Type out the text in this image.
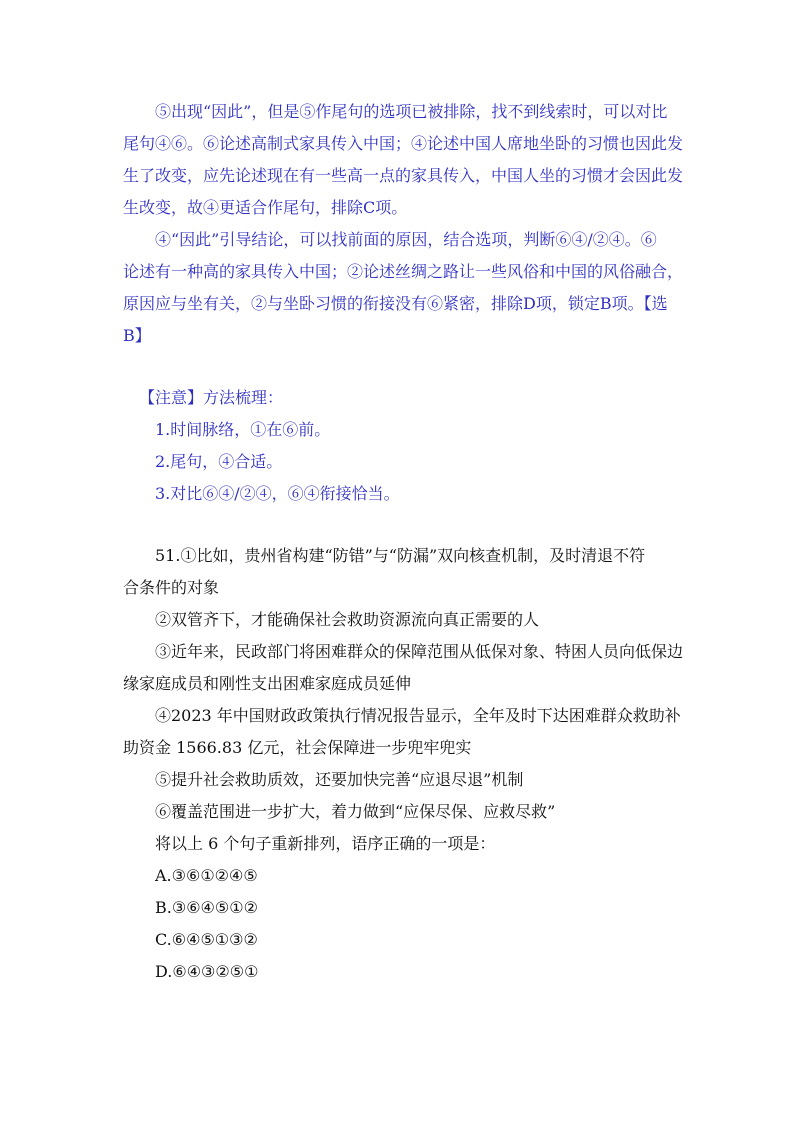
⑤出现“因此”，但是⑤作尾句的选项已被排除，找不到线索时，可以对比
尾句④⑥。⑥论述高制式家具传入中国；④论述中国人席地坐卧的习惯也因此发
生了改变，应先论述现在有一些高一点的家具传入，中国人坐的习惯才会因此发
生改变，故④更适合作尾句，排除C项。
④“因此”引导结论，可以找前面的原因，结合选项，判断⑥④/②④。⑥
论述有一种高的家具传入中国；②论述丝绸之路让一些风俗和中国的风俗融合，
原因应与坐有关，②与坐卧习惯的衔接没有⑥紧密，排除D项，锁定B项。【选
B】
【注意】方法梳理：
1.时间脉络，①在⑥前。
2.尾句，④合适。
3.对比⑥④/②④，⑥④衔接恰当。
51.①比如，贵州省构建“防错”与“防漏”双向核查机制，及时清退不符
合条件的对象
②双管齐下，才能确保社会救助资源流向真正需要的人
③近年来，民政部门将困难群众的保障范围从低保对象、特困人员向低保边
缘家庭成员和刚性支出困难家庭成员延伸
④2023 年中国财政政策执行情况报告显示，全年及时下达困难群众救助补
助资金 1566.83 亿元，社会保障进一步兜牢兜实
⑤提升社会救助质效，还要加快完善“应退尽退”机制
⑥覆盖范围进一步扩大，着力做到“应保尽保、应救尽救”
将以上 6 个句子重新排列，语序正确的一项是：
A.③⑥①②④⑤
B.③⑥④⑤①②
C.⑥④⑤①③②
D.⑥④③②⑤①
